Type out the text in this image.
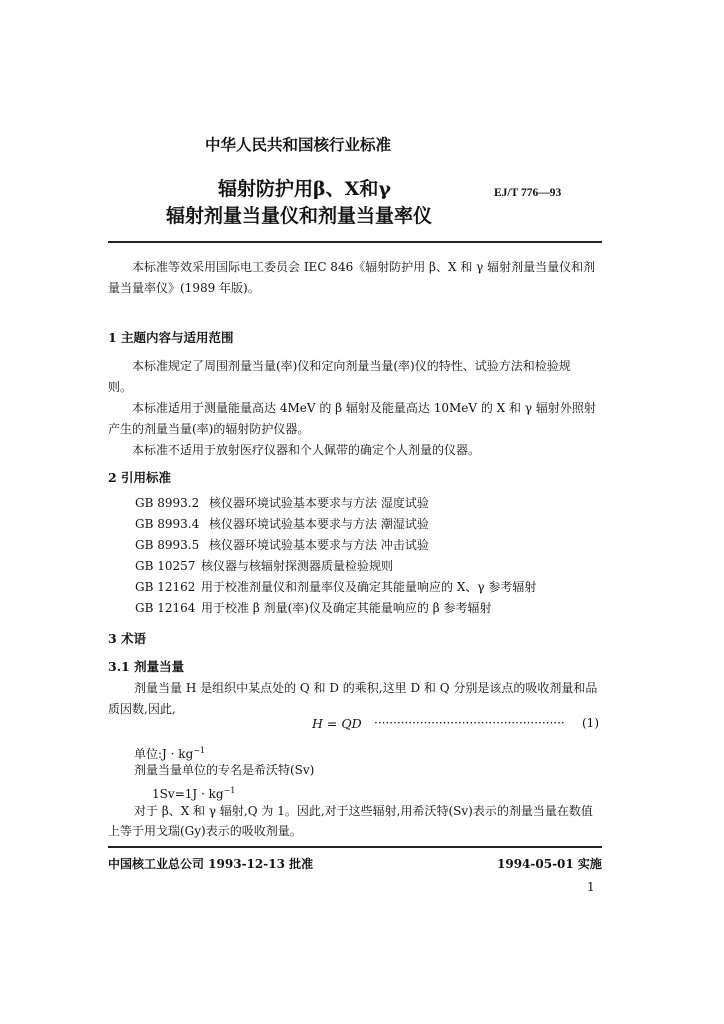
中华人民共和国核行业标准
辐射防护用β、X和γ
辐射剂量当量仪和剂量当量率仪
EJ/T 776—93
本标准等效采用国际电工委员会 IEC 846《辐射防护用 β、X 和 γ 辐射剂量当量仪和剂
量当量率仪》(1989 年版)。
1 主题内容与适用范围
本标准规定了周围剂量当量(率)仪和定向剂量当量(率)仪的特性、试验方法和检验规
则。
本标准适用于测量能量高达 4MeV 的 β 辐射及能量高达 10MeV 的 X 和 γ 辐射外照射
产生的剂量当量(率)的辐射防护仪器。
本标准不适用于放射医疗仪器和个人佩带的确定个人剂量的仪器。
2 引用标准
GB 8993.2 核仪器环境试验基本要求与方法 湿度试验
GB 8993.4 核仪器环境试验基本要求与方法 潮湿试验
GB 8993.5 核仪器环境试验基本要求与方法 冲击试验
GB 10257 核仪器与核辐射探测器质量检验规则
GB 12162 用于校准剂量仪和剂量率仪及确定其能量响应的 X、γ 参考辐射
GB 12164 用于校准 β 剂量(率)仪及确定其能量响应的 β 参考辐射
3 术语
3.1 剂量当量
剂量当量 H 是组织中某点处的 Q 和 D 的乘积,这里 D 和 Q 分别是该点的吸收剂量和品
质因数,因此,
H = QD ·················································· (1)
单位:J · $kg^{-1}$
剂量当量单位的专名是希沃特(Sv)
$1Sv=1J \cdot kg^{-1}$
对于 β、X 和 γ 辐射,Q 为 1。因此,对于这些辐射,用希沃特(Sv)表示的剂量当量在数值
上等于用戈瑞(Gy)表示的吸收剂量。
中国核工业总公司 1993-12-13 批准	1994-05-01 实施
1
